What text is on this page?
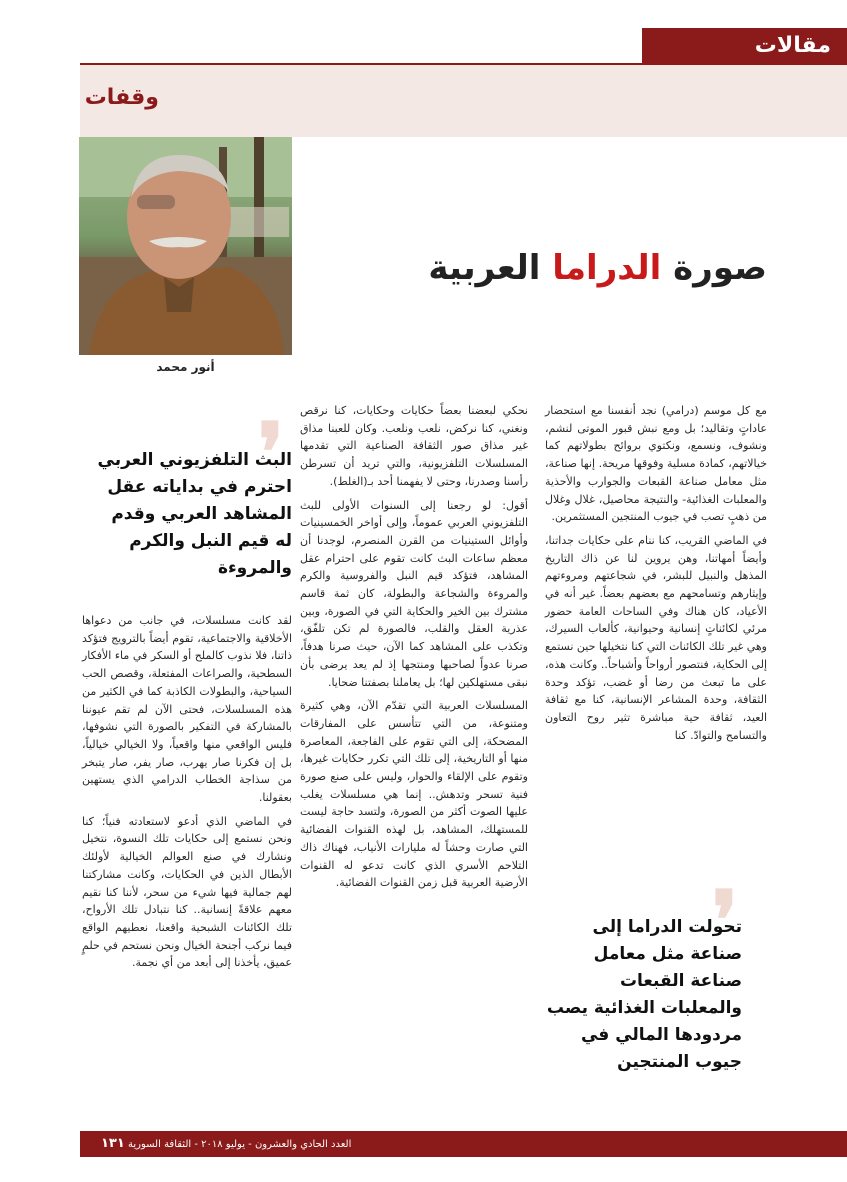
مقالات
وقفات
أنور محمد
صورة الدراما العربية
❜
البث التلفزيوني العربي احترم في بداياته عقل المشاهد العربي وقدم له قيم النبل والكرم والمروءة
❜
تحولت الدراما إلى صناعة مثل معامل صناعة القبعات والمعلبات الغذائية يصب مردودها المالي في جيوب المنتجين

مع كل موسم (درامي) نجد أنفسنا مع استحضار عاداتٍ وتقاليد؛ بل ومع نبش قبور الموتى لنشم، ونشوف، ونسمع، ونكتوي بروائح بطولاتهم كما خيالاتهم، كمادة مسلية وفوقها مريحة. إنها صناعة، مثل معامل صناعة القبعات والجوارب والأحذية والمعلبات الغذائية- والنتيجة محاصيل، غلال وغلال من ذهبٍ تصب في جيوب المنتجين المستثمرين.

في الماضي القريب، كنا ننام على حكايات جداتنا، وأيضاً أمهاتنا، وهن يروين لنا عن ذاك التاريخ المذهل والنبيل للبشر، في شجاعتهم ومروءتهم وإيثارهم وتسامحهم مع بعضهم بعضاً. غير أنه في الأعياد، كان هناك وفي الساحات العامة حضور مرئي لكائناتٍ إنسانية وحيوانية، كألعاب السيرك، وهي غير تلك الكائنات التي كنا نتخيلها حين نستمع إلى الحكاية، فنتصور أرواحاً وأشباحاً.. وكانت هذه، على ما تبعث من رضا أو غضب، تؤكد وحدة الثقافة، وحدة المشاعر الإنسانية، كنا مع ثقافة العيد، ثقافة حية مباشرة تثير روح التعاون والتسامح والتوادّ. كنا

نحكي لبعضنا بعضاً حكايات وحكايات، كنا نرقص ونغني، كنا نركض، نلعب ونلعب. وكان للعبنا مذاق غير مذاق صور الثقافة الصناعية التي تقدمها المسلسلات التلفزيونية، والتي تريد أن تسرطن رأسنا وصدرنا، وحتى لا يفهمنا أحد بـ(الغلط).

أقول: لو رجعنا إلى السنوات الأولى للبث التلفزيوني العربي عموماً، وإلى أواخر الخمسينيات وأوائل الستينيات من القرن المنصرم، لوجدنا أن معظم ساعات البث كانت تقوم على احترام عقل المشاهد، فتؤكد قيم النبل والفروسية والكرم والمروءة والشجاعة والبطولة، كان ثمة قاسم مشترك بين الخير والحكاية التي في الصورة، وبين عذرية العقل والقلب، فالصورة لم تكن تلفّق، وتكذب على المشاهد كما الآن، حيث صرنا هدفاً، صرنا عدواً لصاحبها ومنتجها إذ لم يعد يرضى بأن نبقى مستهلكين لها؛ بل يعاملنا بصفتنا ضحايا.

المسلسلات العربية التي تقدّم الآن، وهي كثيرة ومتنوعة، من التي تتأسس على المفارقات المضحكة، إلى التي تقوم على الفاجعة، المعاصرة منها أو التاريخية، إلى تلك التي تكرر حكايات غيرها، وتقوم على الإلقاء والحوار، وليس على صنع صورة فنية تسحر وتدهش.. إنما هي مسلسلات يغلب عليها الصوت أكثر من الصورة، ولتسد حاجة ليست للمستهلك، المشاهد، بل لهذه القنوات الفضائية التي صارت وحشاً له مليارات الأنياب، فهناك ذاك التلاحم الأسري الذي كانت تدعو له القنوات الأرضية العربية قبل زمن القنوات الفضائية.

لقد كانت مسلسلات، في جانب من دعواها الأخلاقية والاجتماعية، تقوم أيضاً بالترويج فتؤكد ذاتنا، فلا نذوب كالملح أو السكر في ماء الأفكار السطحية، والصراعات المفتعلة، وقصص الحب السياحية، والبطولات الكاذبة كما في الكثير من هذه المسلسلات، فحتى الآن لم تقم عيوننا بالمشاركة في التفكير بالصورة التي نشوفها، فليس الواقعي منها واقعياً، ولا الخيالي خيالياً، بل إن فكرنا صار يهرب، صار يفر، صار يتبخر من سذاجة الخطاب الدرامي الذي يستهين بعقولنا.

في الماضي الذي أدعو لاستعادته فنياً؛ كنا ونحن نستمع إلى حكايات تلك النسوة، نتخيل ونشارك في صنع العوالم الخيالية لأولئك الأبطال الذين في الحكايات، وكانت مشاركتنا لهم جمالية فيها شيء من سحر، لأننا كنا نقيم معهم علاقةً إنسانية.. كنا نتبادل تلك الأرواح، تلك الكائنات الشبحية واقعنا، نعطيهم الواقع فيما نركب أجنحة الخيال ونحن نستحم في حلمٍ عميق، يأخذنا إلى أبعد من أي نجمة.

العدد الحادي والعشرون - يوليو ٢٠١٨ - الثقافة السورية ١٣١
